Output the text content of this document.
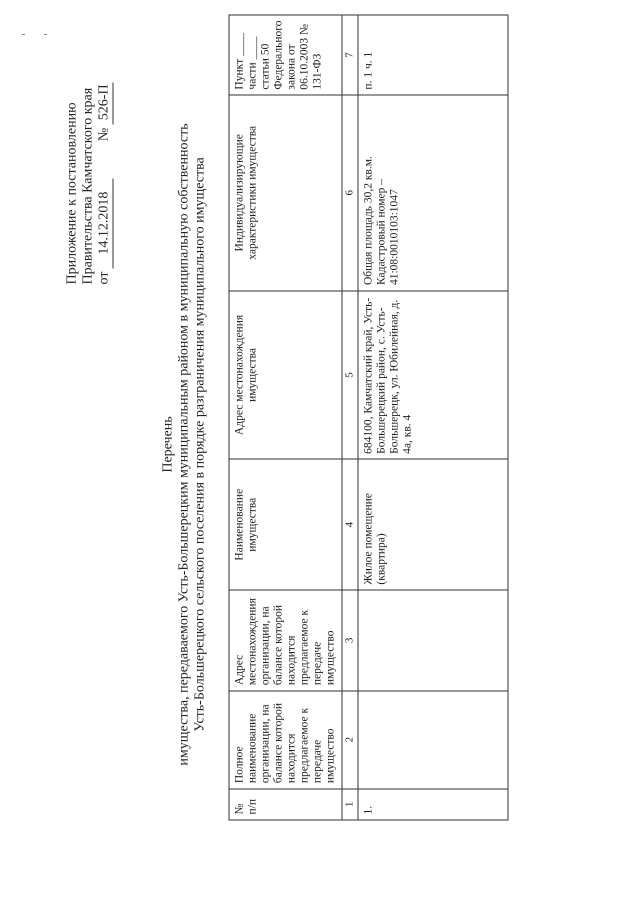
Приложение к постановлению Правительства Камчатского края от 14.12.2018  № 526-П
Перечень имущества, передаваемого Усть-Большерецким муниципальным районом в муниципальную собственность Усть-Большерецкого сельского поселения в порядке разграничения муниципального имущества
№ п/п	Полное наименование организации, на балансе которой находится предлагаемое к передаче имущество	Адрес местонахождения организации, на балансе которой находится предлагаемое к передаче имущество	Наименование имущества	Адрес местонахождения имущества	Индивидуализирующие характеристики имущества	Пункт ____ части ____ статьи 50 Федерального закона от 06.10.2003 № 131-ФЗ
1	2	3	4	5	6	7
1.			Жилое помещение (квартира)	684100, Камчатский край, Усть-Большерецкий район, с. Усть-Большерецк, ул. Юбилейная, д. 4а, кв. 4	Общая площадь 30,2 кв.м. Кадастровый номер – 41:08:0010103:1047	п. 1 ч. 1
